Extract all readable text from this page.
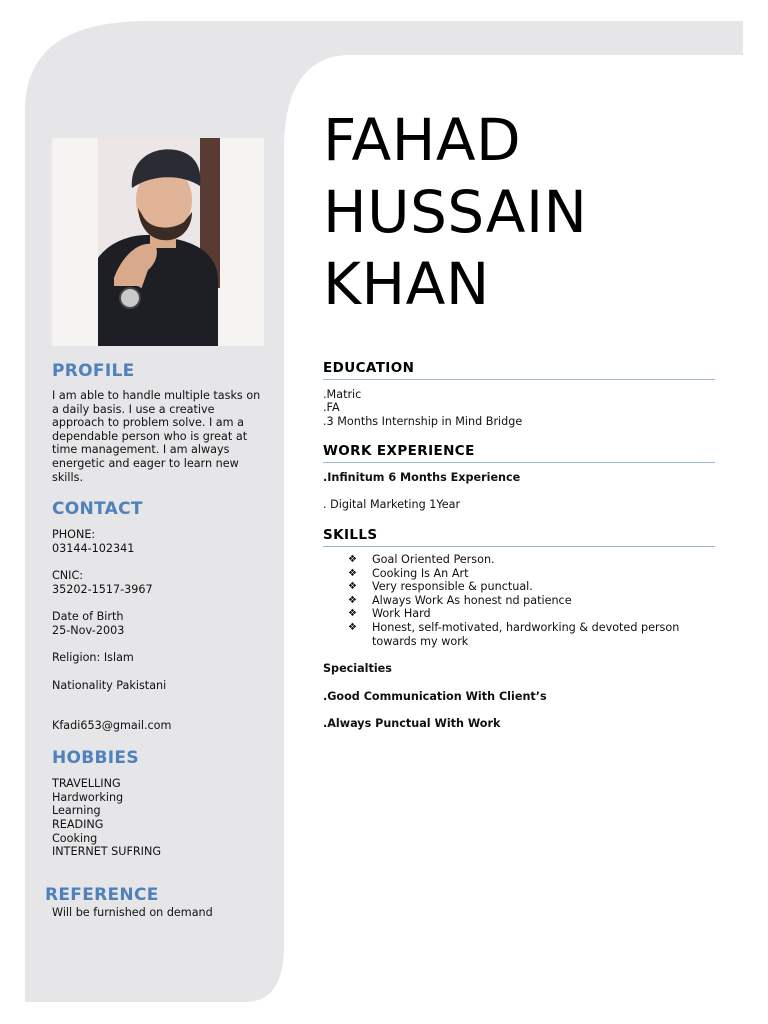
PROFILE

I am able to handle multiple tasks on a daily basis. I use a creative approach to problem solve. I am a dependable person who is great at time management. I am always energetic and eager to learn new skills.

CONTACT
PHONE:
03144-102341
CNIC:
35202-1517-3967
Date of Birth
25-Nov-2003
Religion: Islam
Nationality Pakistani
Kfadi653@gmail.com
HOBBIES
TRAVELLING
Hardworking
Learning
READING
Cooking
INTERNET SUFRING
REFERENCE
Will be furnished on demand
FAHAD
HUSSAIN
KHAN
EDUCATION
.Matric
.FA
.3 Months Internship in Mind Bridge
WORK EXPERIENCE
.Infinitum 6 Months Experience
. Digital Marketing 1Year
SKILLS
❖ Goal Oriented Person.
❖ Cooking Is An Art
❖ Very responsible & punctual.
❖ Always Work As honest nd patience
❖ Work Hard
❖ Honest, self-motivated, hardworking & devoted person towards my work
Specialties
.Good Communication With Client’s
.Always Punctual With Work
